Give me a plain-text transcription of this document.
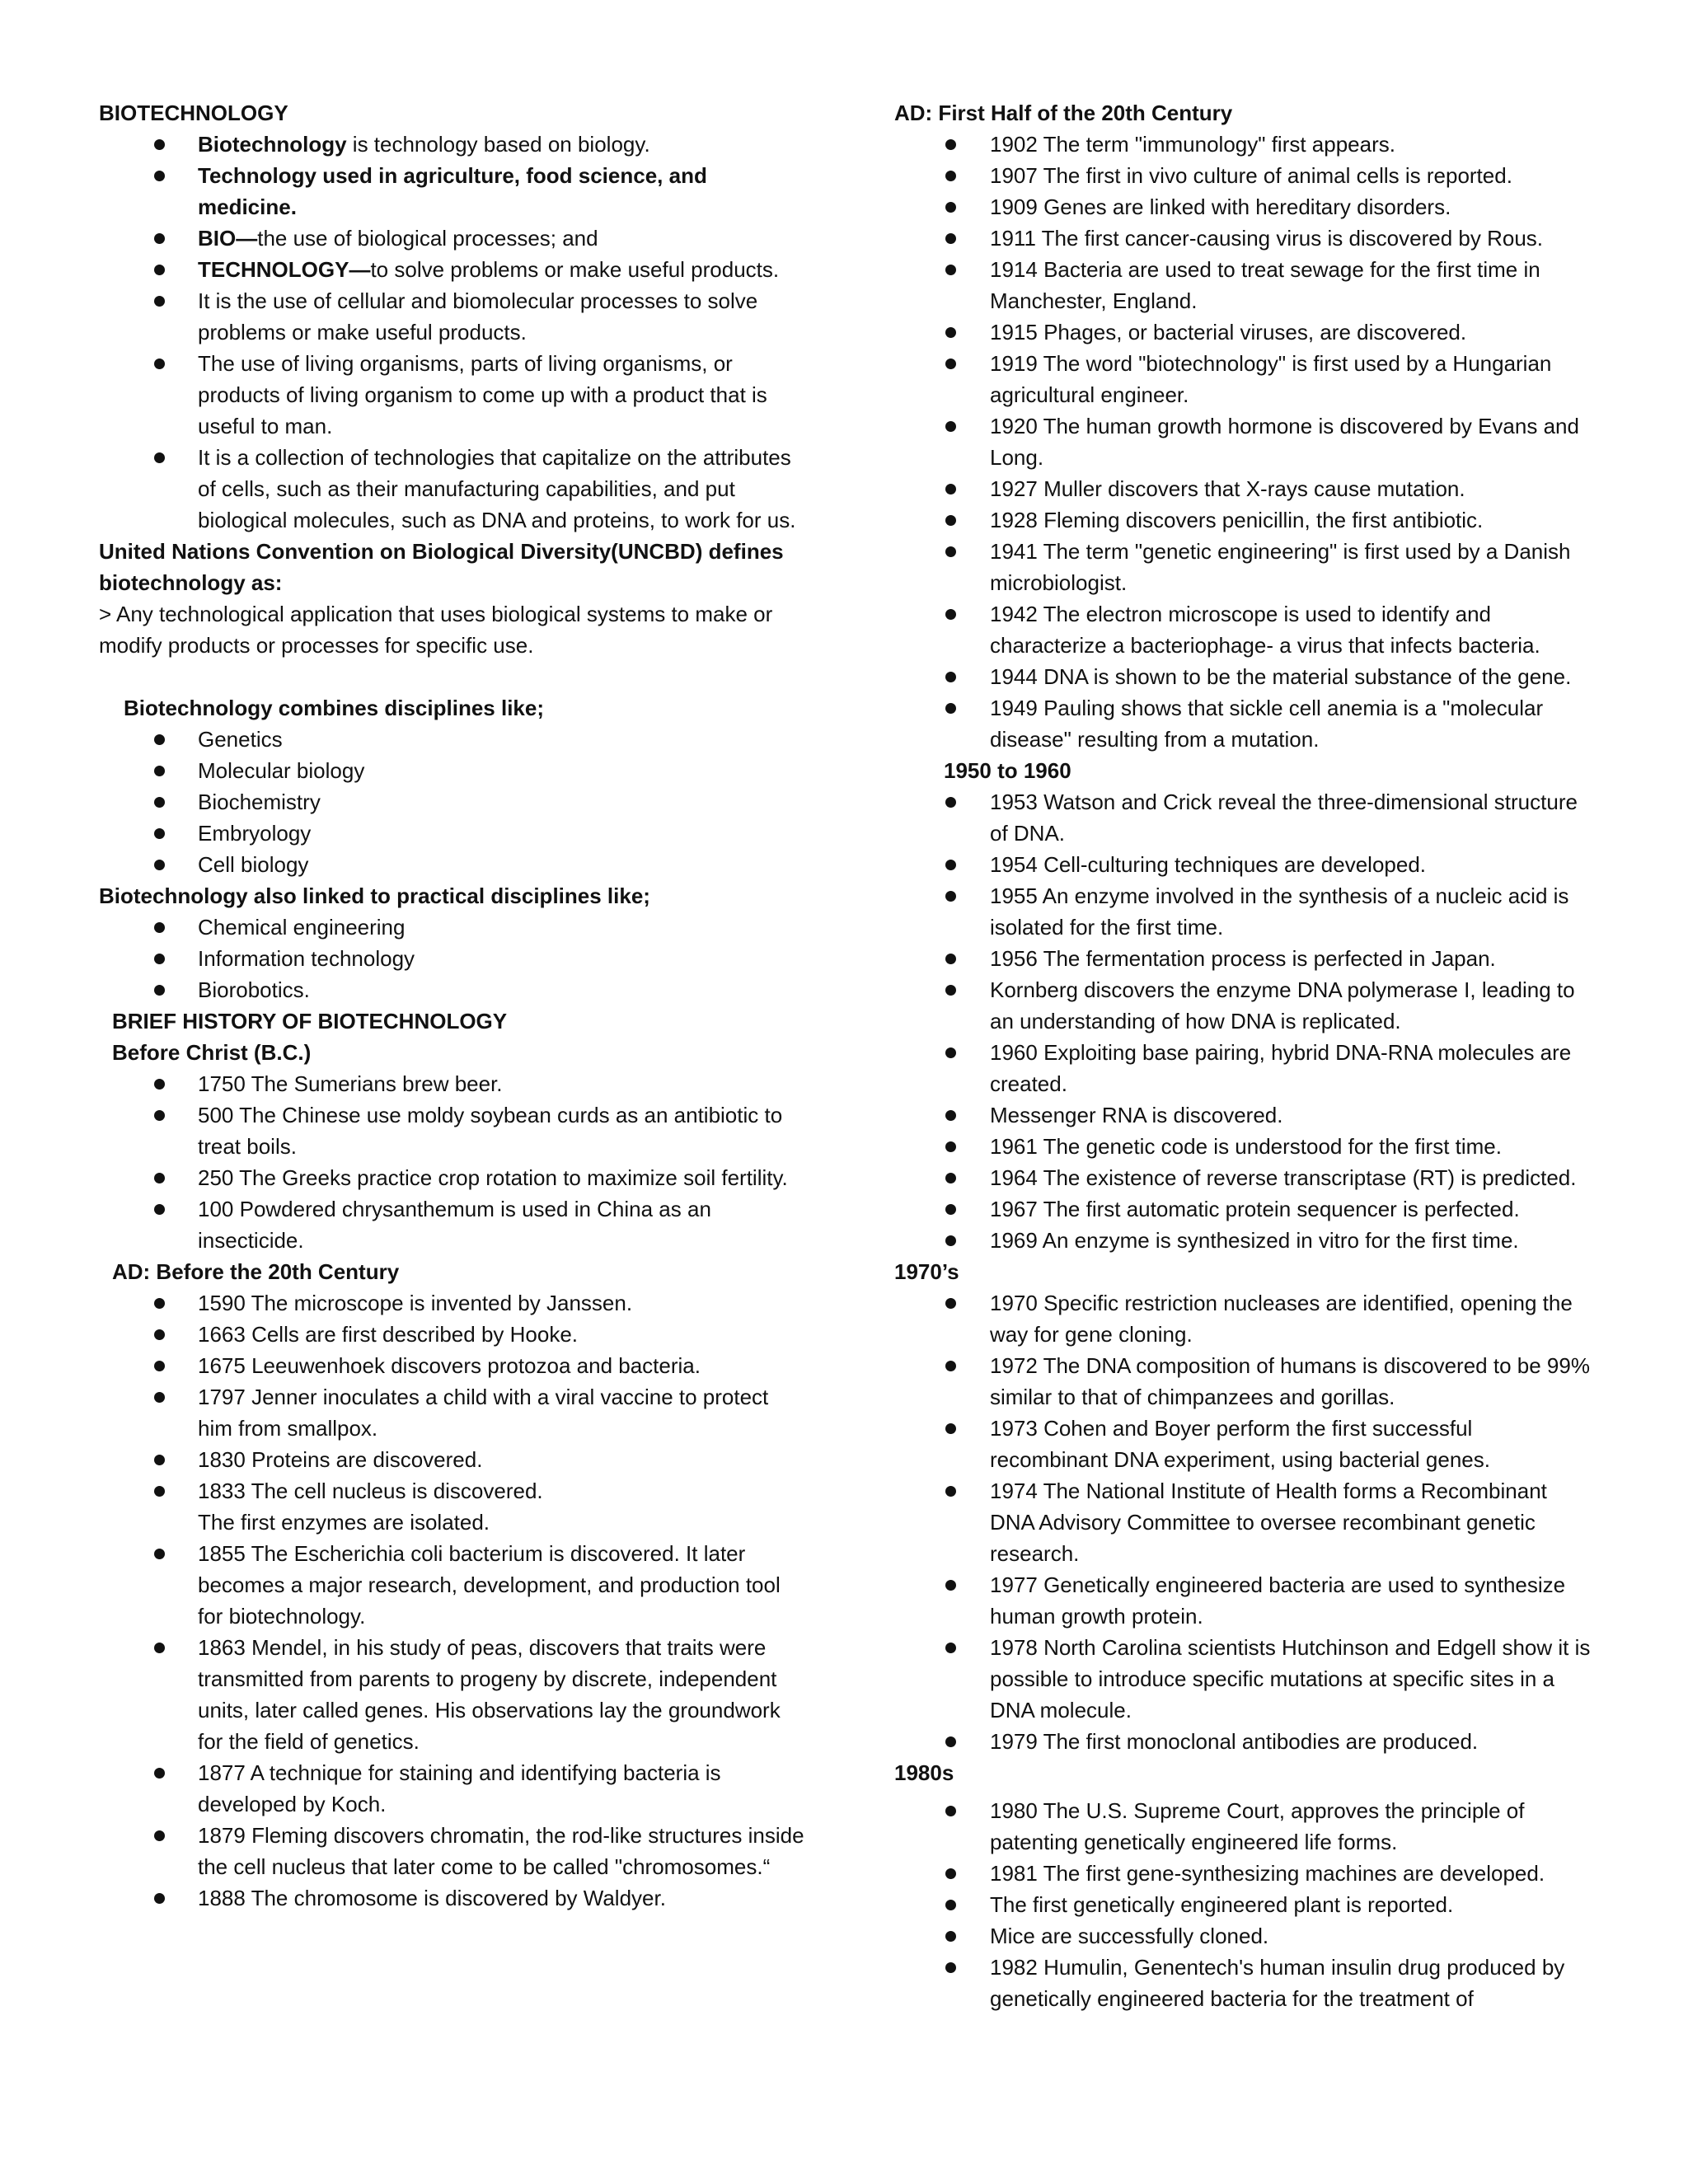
BIOTECHNOLOGY

Biotechnology is technology based on biology.
Technology used in agriculture, food science, and medicine.
BIO—the use of biological processes; and
TECHNOLOGY—to solve problems or make useful products.
It is the use of cellular and biomolecular processes to solve problems or make useful products.
The use of living organisms, parts of living organisms, or products of living organism to come up with a product that is useful to man.
It is a collection of technologies that capitalize on the attributes of cells, such as their manufacturing capabilities, and put biological molecules, such as DNA and proteins, to work for us.

United Nations Convention on Biological Diversity(UNCBD) defines biotechnology as:

> Any technological application that uses biological systems to make or modify products or processes for specific use.

Biotechnology combines disciplines like;

Genetics
Molecular biology
Biochemistry
Embryology
Cell biology

Biotechnology also linked to practical disciplines like;

Chemical engineering
Information technology
Biorobotics.

BRIEF HISTORY OF BIOTECHNOLOGY

Before Christ (B.C.)

1750 The Sumerians brew beer.
500 The Chinese use moldy soybean curds as an antibiotic to treat boils.
250 The Greeks practice crop rotation to maximize soil fertility.
100 Powdered chrysanthemum is used in China as an insecticide.

AD: Before the 20th Century

1590 The microscope is invented by Janssen.
1663 Cells are first described by Hooke.
1675 Leeuwenhoek discovers protozoa and bacteria.
1797 Jenner inoculates a child with a viral vaccine to protect him from smallpox.
1830 Proteins are discovered.
1833 The cell nucleus is discovered.
The first enzymes are isolated.
1855 The Escherichia coli bacterium is discovered. It later becomes a major research, development, and production tool for biotechnology.
1863 Mendel, in his study of peas, discovers that traits were transmitted from parents to progeny by discrete, independent units, later called genes. His observations lay the groundwork for the field of genetics.
1877 A technique for staining and identifying bacteria is developed by Koch.
1879 Fleming discovers chromatin, the rod-like structures inside the cell nucleus that later come to be called "chromosomes.“
1888 The chromosome is discovered by Waldyer.

AD: First Half of the 20th Century

1902 The term "immunology" first appears.
1907 The first in vivo culture of animal cells is reported.
1909 Genes are linked with hereditary disorders.
1911 The first cancer-causing virus is discovered by Rous.
1914 Bacteria are used to treat sewage for the first time in Manchester, England.
1915 Phages, or bacterial viruses, are discovered.
1919 The word "biotechnology" is first used by a Hungarian agricultural engineer.
1920 The human growth hormone is discovered by Evans and Long.
1927 Muller discovers that X-rays cause mutation.
1928 Fleming discovers penicillin, the first antibiotic.
1941 The term "genetic engineering" is first used by a Danish microbiologist.
1942 The electron microscope is used to identify and characterize a bacteriophage- a virus that infects bacteria.
1944 DNA is shown to be the material substance of the gene.
1949 Pauling shows that sickle cell anemia is a "molecular disease" resulting from a mutation.

1950 to 1960

1953 Watson and Crick reveal the three-dimensional structure of DNA.
1954 Cell-culturing techniques are developed.
1955 An enzyme involved in the synthesis of a nucleic acid is isolated for the first time.
1956 The fermentation process is perfected in Japan.
Kornberg discovers the enzyme DNA polymerase I, leading to an understanding of how DNA is replicated.
1960 Exploiting base pairing, hybrid DNA-RNA molecules are created.
Messenger RNA is discovered.
1961 The genetic code is understood for the first time.
1964 The existence of reverse transcriptase (RT) is predicted.
1967 The first automatic protein sequencer is perfected.
1969 An enzyme is synthesized in vitro for the first time.

1970’s

1970 Specific restriction nucleases are identified, opening the way for gene cloning.
1972 The DNA composition of humans is discovered to be 99% similar to that of chimpanzees and gorillas.
1973 Cohen and Boyer perform the first successful recombinant DNA experiment, using bacterial genes.
1974 The National Institute of Health forms a Recombinant DNA Advisory Committee to oversee recombinant genetic research.
1977 Genetically engineered bacteria are used to synthesize human growth protein.
1978 North Carolina scientists Hutchinson and Edgell show it is possible to introduce specific mutations at specific sites in a DNA molecule.
1979 The first monoclonal antibodies are produced.

1980s

1980 The U.S. Supreme Court, approves the principle of patenting genetically engineered life forms.
1981 The first gene-synthesizing machines are developed.
The first genetically engineered plant is reported.
Mice are successfully cloned.
1982 Humulin, Genentech's human insulin drug produced by genetically engineered bacteria for the treatment of
